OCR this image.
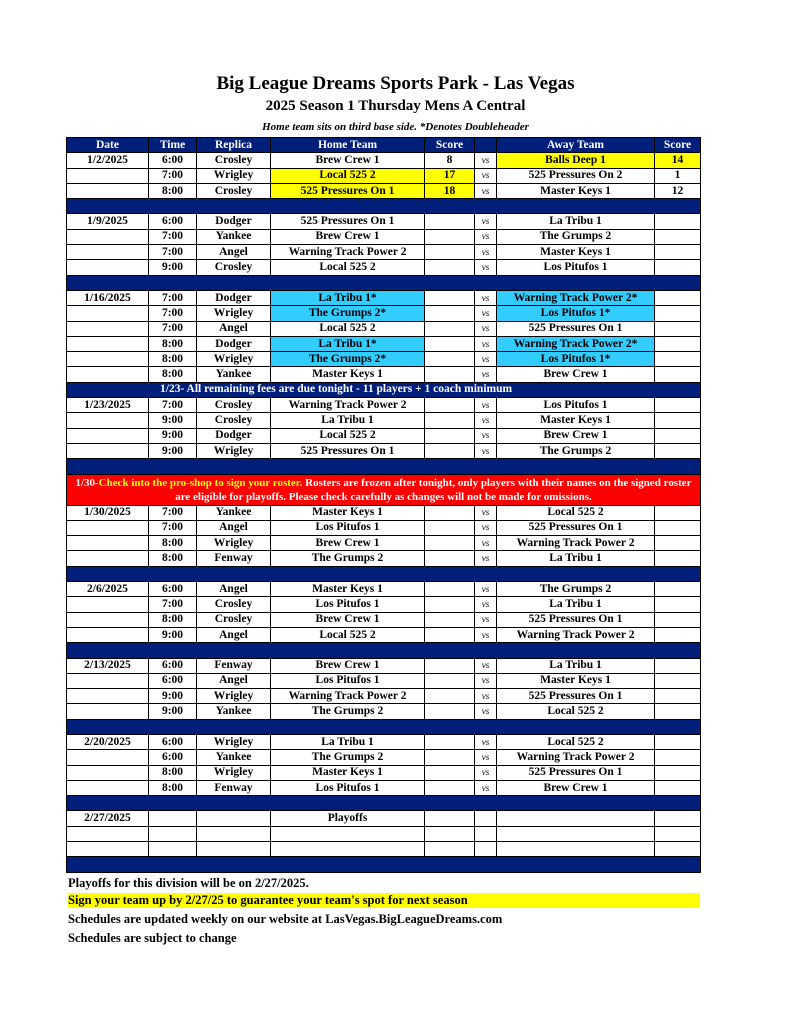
Big League Dreams Sports Park - Las Vegas
2025 Season 1 Thursday Mens A Central
Home team sits on third base side. *Denotes Doubleheader
Date	Time	Replica	Home Team	Score		Away Team	Score
1/2/2025	6:00	Crosley	Brew Crew 1	8	vs	Balls Deep 1	14
	7:00	Wrigley	Local 525 2	17	vs	525 Pressures On 2	1
	8:00	Crosley	525 Pressures On 1	18	vs	Master Keys 1	12

1/9/2025	6:00	Dodger	525 Pressures On 1		vs	La Tribu 1	
	7:00	Yankee	Brew Crew 1		vs	The Grumps 2	
	7:00	Angel	Warning Track Power 2		vs	Master Keys 1	
	9:00	Crosley	Local 525 2		vs	Los Pitufos 1	

1/16/2025	7:00	Dodger	La Tribu 1*		vs	Warning Track Power 2*	
	7:00	Wrigley	The Grumps 2*		vs	Los Pitufos 1*	
	7:00	Angel	Local 525 2		vs	525 Pressures On 1	
	8:00	Dodger	La Tribu 1*		vs	Warning Track Power 2*	
	8:00	Wrigley	The Grumps 2*		vs	Los Pitufos 1*	
	8:00	Yankee	Master Keys 1		vs	Brew Crew 1	
1/23- All remaining fees are due tonight - 11 players + 1 coach minimum							
1/23/2025	7:00	Crosley	Warning Track Power 2		vs	Los Pitufos 1	
	9:00	Crosley	La Tribu 1		vs	Master Keys 1	
	9:00	Dodger	Local 525 2		vs	Brew Crew 1	
	9:00	Wrigley	525 Pressures On 1		vs	The Grumps 2	

1/30-Check into the pro-shop to sign your roster. Rosters are frozen after tonight, only players with their names on the signed roster are eligible for playoffs. Please check carefully as changes will not be made for omissions.							
1/30/2025	7:00	Yankee	Master Keys 1		vs	Local 525 2	
	7:00	Angel	Los Pitufos 1		vs	525 Pressures On 1	
	8:00	Wrigley	Brew Crew 1		vs	Warning Track Power 2	
	8:00	Fenway	The Grumps 2		vs	La Tribu 1	

2/6/2025	6:00	Angel	Master Keys 1		vs	The Grumps 2	
	7:00	Crosley	Los Pitufos 1		vs	La Tribu 1	
	8:00	Crosley	Brew Crew 1		vs	525 Pressures On 1	
	9:00	Angel	Local 525 2		vs	Warning Track Power 2	

2/13/2025	6:00	Fenway	Brew Crew 1		vs	La Tribu 1	
	6:00	Angel	Los Pitufos 1		vs	Master Keys 1	
	9:00	Wrigley	Warning Track Power 2		vs	525 Pressures On 1	
	9:00	Yankee	The Grumps 2		vs	Local 525 2	

2/20/2025	6:00	Wrigley	La Tribu 1		vs	Local 525 2	
	6:00	Yankee	The Grumps 2		vs	Warning Track Power 2	
	8:00	Wrigley	Master Keys 1		vs	525 Pressures On 1	
	8:00	Fenway	Los Pitufos 1		vs	Brew Crew 1	

2/27/2025			Playoffs				

Playoffs for this division will be on 2/27/2025.
Sign your team up by 2/27/25 to guarantee your team's spot for next season
Schedules are updated weekly on our website at LasVegas.BigLeagueDreams.com
Schedules are subject to change
